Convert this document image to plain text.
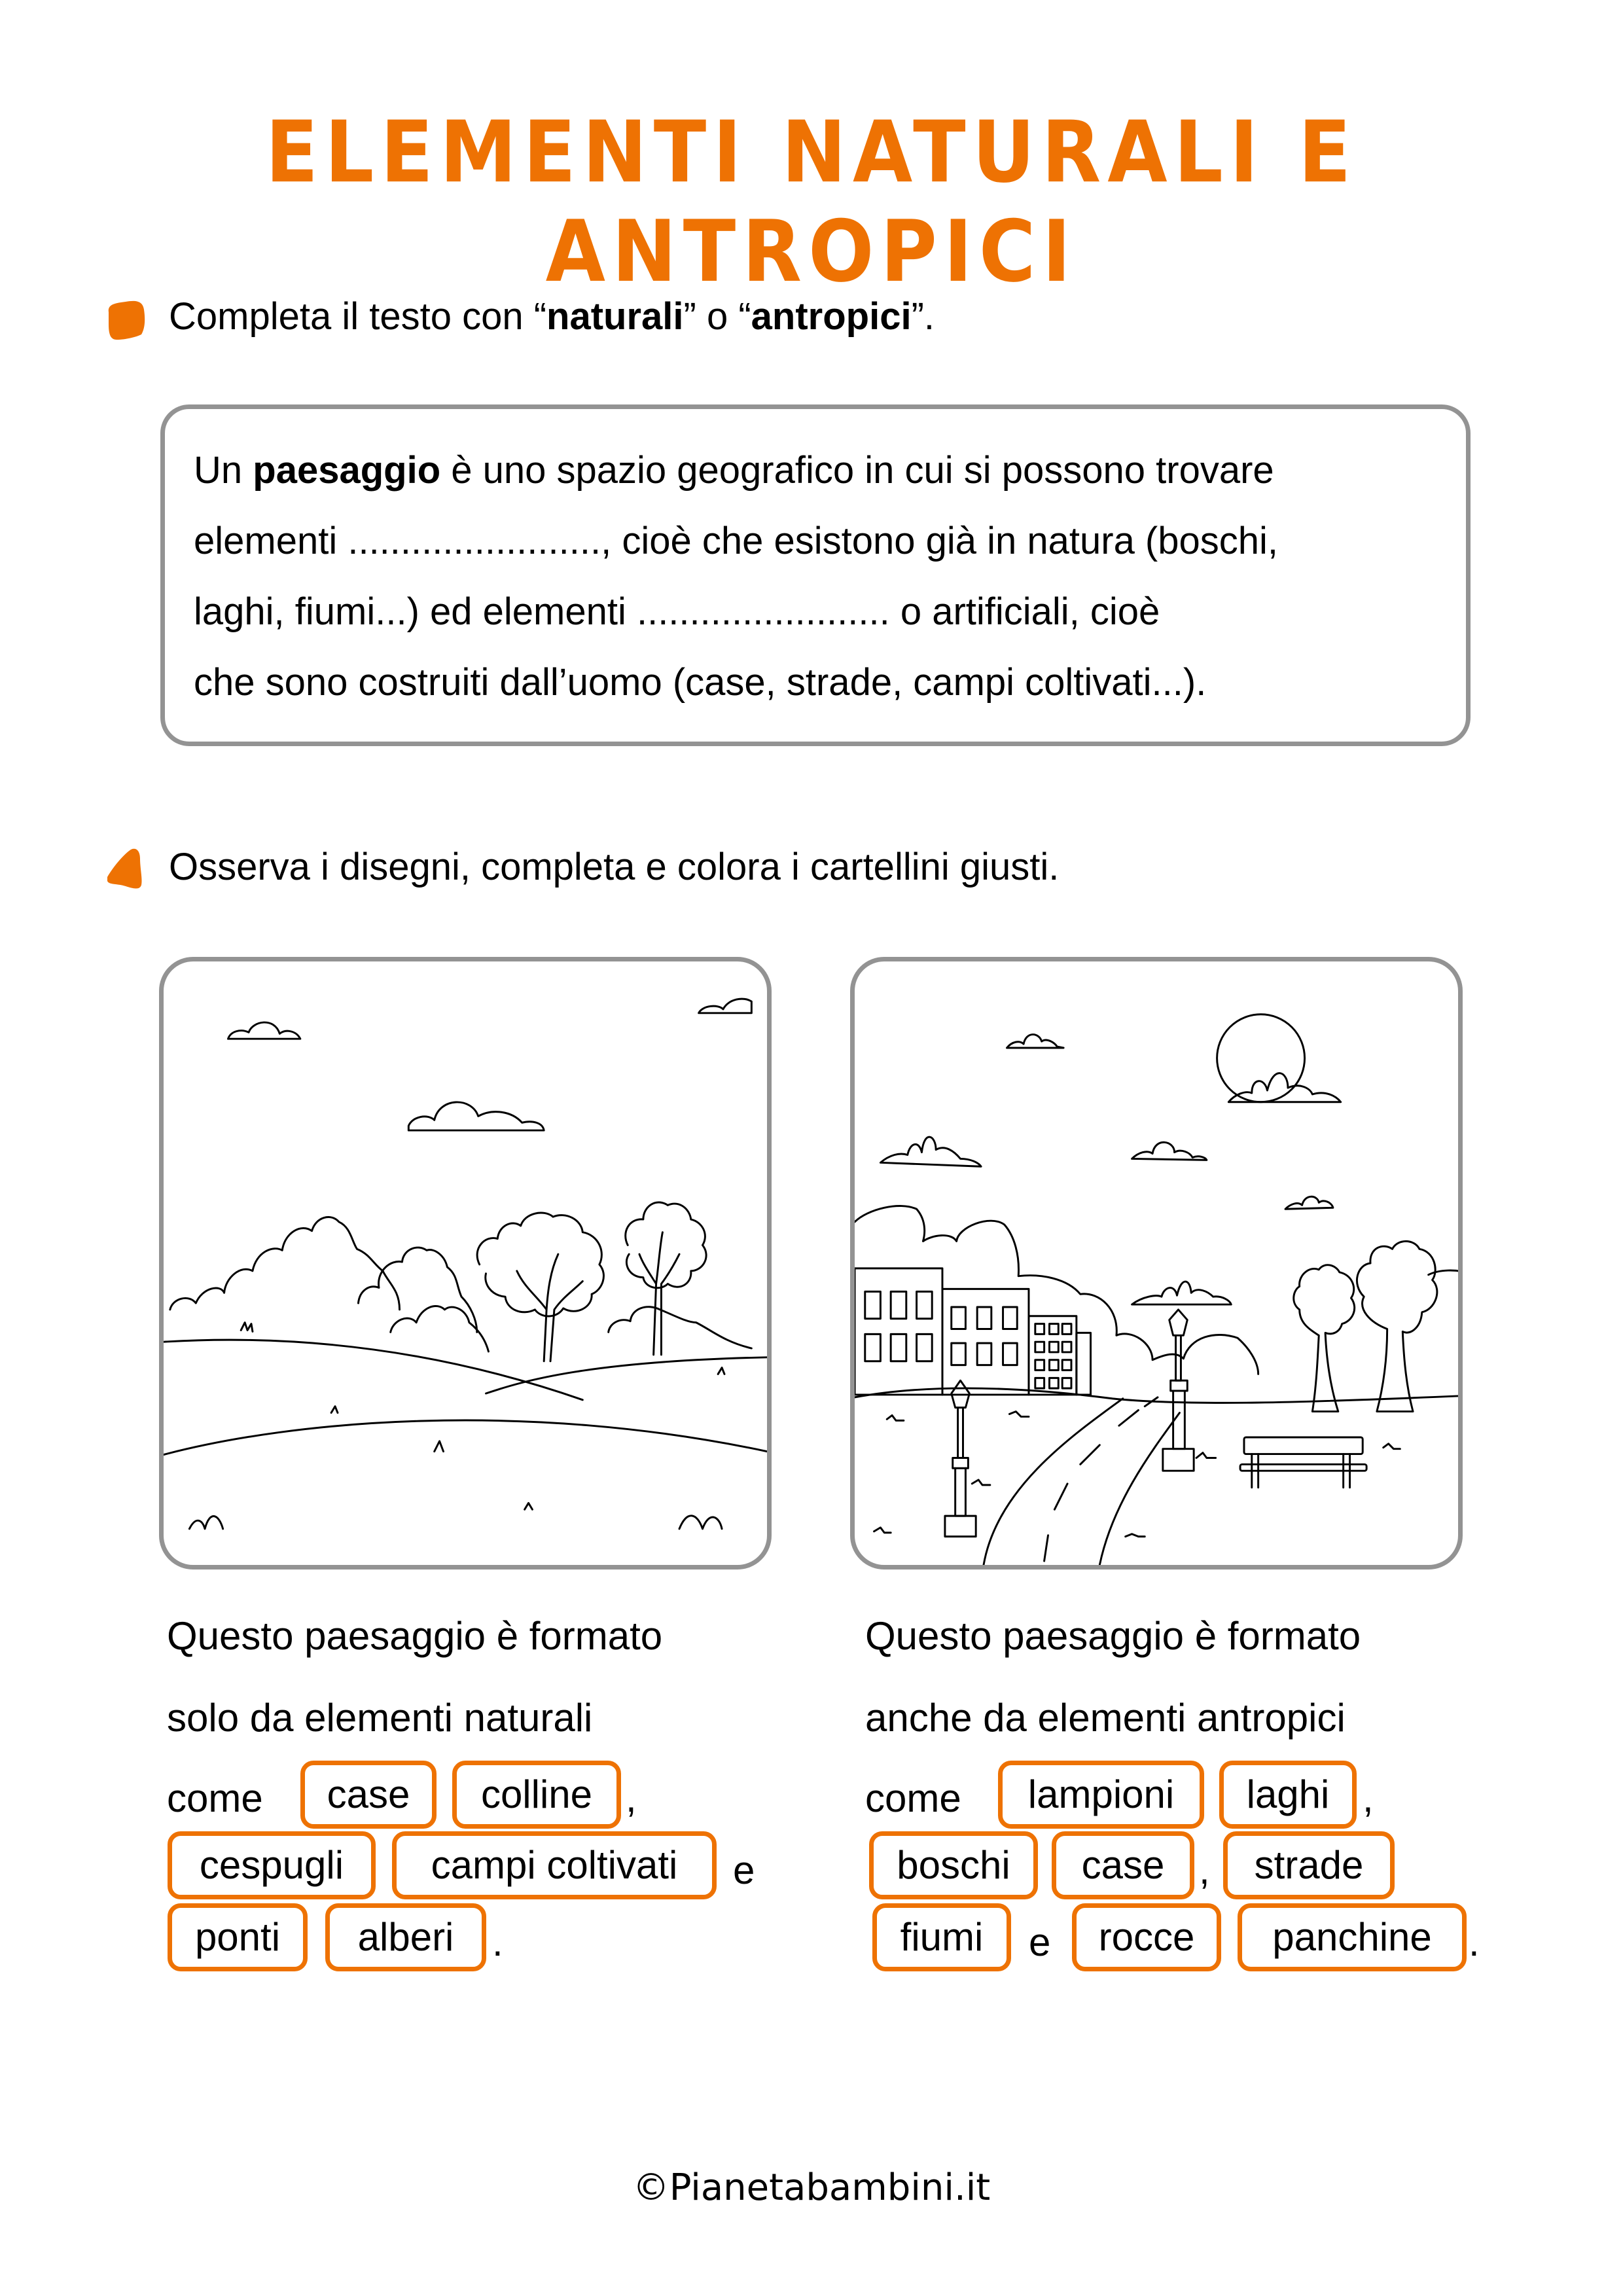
ELEMENTI NATURALI E ANTROPICI
Completa il testo con “naturali” o “antropici”.

Un paesaggio è uno spazio geografico in cui si possono trovare

elementi ........................, cioè che esistono già in natura (boschi,

laghi, fiumi...) ed elementi ........................ o artificiali, cioè

che sono costruiti dall’uomo (case, strade, campi coltivati...).

Osserva i disegni, completa e colora i cartellini giusti.
Questo paesaggio è formato
solo da elementi naturali
come	case	colline ,
cespugli	campi coltivati	e
ponti	alberi .
Questo paesaggio è formato
anche da elementi antropici
come	lampioni	laghi ,
boschi	case ,	strade
fiumi	e	rocce	panchine .
©Pianetabambini.it
